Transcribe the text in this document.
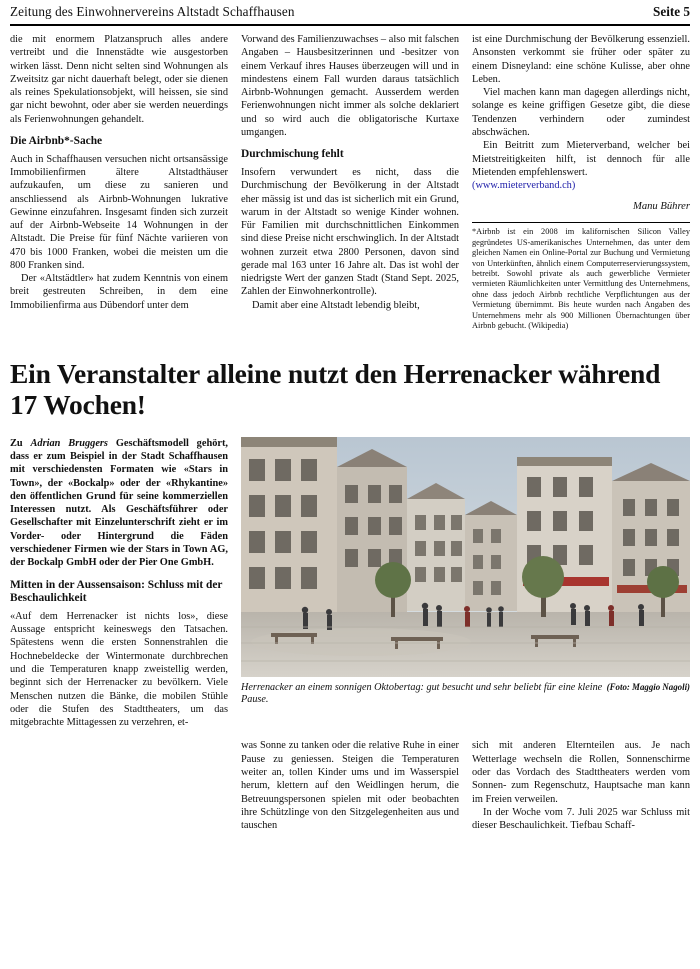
Zeitung des Einwohnervereins Altstadt Schaffhausen	Seite 5

die mit enormem Platzanspruch alles andere vertreibt und die Innenstädte wie ausgestorben wirken lässt. Denn nicht selten sind Wohnungen als Zweitsitz gar nicht dauerhaft belegt, oder sie dienen als reines Spekulationsobjekt, will heissen, sie sind gar nicht bewohnt, oder aber sie werden neuerdings als Ferienwohnungen gehandelt.

Die Airbnb*-Sache

Auch in Schaffhausen versuchen nicht ortsansässige Immobilienfirmen ältere Altstadthäuser aufzukaufen, um diese zu sanieren und anschliessend als Airbnb-Wohnungen lukrative Gewinne einzufahren. Insgesamt finden sich zurzeit auf der Airbnb-Webseite 14 Wohnungen in der Altstadt. Die Preise für fünf Nächte variieren von 470 bis 1000 Franken, wobei die meisten um die 800 Franken sind.

Der «Altstädtler» hat zudem Kenntnis von einem breit gestreuten Schreiben, in dem eine Immobilienfirma aus Dübendorf unter dem

Vorwand des Familienzuwachses – also mit falschen Angaben – Hausbesitzerinnen und -besitzer von einem Verkauf ihres Hauses überzeugen will und in mindestens einem Fall wurden daraus tatsächlich Airbnb-Wohnungen gemacht. Ausserdem werden Ferienwohnungen nicht immer als solche deklariert und so wird auch die obligatorische Kurtaxe umgangen.

Durchmischung fehlt

Insofern verwundert es nicht, dass die Durchmischung der Bevölkerung in der Altstadt eher mässig ist und das ist sicherlich mit ein Grund, warum in der Altstadt so wenige Kinder wohnen. Für Familien mit durchschnittlichen Einkommen sind diese Preise nicht erschwinglich. In der Altstadt wohnen zurzeit etwa 2800 Personen, davon sind gerade mal 163 unter 16 Jahre alt. Das ist wohl der niedrigste Wert der ganzen Stadt (Stand Sept. 2025, Zahlen der Einwohnerkontrolle).

Damit aber eine Altstadt lebendig bleibt,

ist eine Durchmischung der Bevölkerung essenziell. Ansonsten verkommt sie früher oder später zu einem Disneyland: eine schöne Kulisse, aber ohne Leben.

Viel machen kann man dagegen allerdings nicht, solange es keine griffigen Gesetze gibt, die diese Tendenzen verhindern oder zumindest abschwächen.

Ein Beitritt zum Mieterverband, welcher bei Mietstreitigkeiten hilft, ist dennoch für alle Mietenden empfehlenswert.

(www.mieterverband.ch)

Manu Bührer

*Airbnb ist ein 2008 im kalifornischen Silicon Valley gegründetes US-amerikanisches Unternehmen, das unter dem gleichen Namen ein Online-Portal zur Buchung und Vermietung von Unterkünften, ähnlich einem Computerreservierungssystem, betreibt. Sowohl private als auch gewerbliche Vermieter vermieten Räumlichkeiten unter Vermittlung des Unternehmens, ohne dass jedoch Airbnb rechtliche Verpflichtungen aus der Vermietung übernimmt. Bis heute wurden nach Angaben des Unternehmens mehr als 900 Millionen Übernachtungen über Airbnb gebucht. (Wikipedia)

Ein Veranstalter alleine nutzt den Herrenacker während 17 Wochen!

Zu Adrian Bruggers Geschäftsmodell gehört, dass er zum Beispiel in der Stadt Schaffhausen mit verschiedensten Formaten wie «Stars in Town», der «Bockalp» oder der «Rhykantine» den öffentlichen Grund für seine kommerziellen Interessen nutzt. Als Geschäftsführer oder Gesellschafter mit Einzelunterschrift zieht er im Vorder- oder Hintergrund die Fäden verschiedener Firmen wie der Stars in Town AG, der Bockalp GmbH oder der Pier One GmbH.

Mitten in der Aussensaison: Schluss mit der Beschaulichkeit

«Auf dem Herrenacker ist nichts los», diese Aussage entspricht keineswegs den Tatsachen. Spätestens wenn die ersten Sonnenstrahlen die Hochnebeldecke der Wintermonate durchbrechen und die Temperaturen knapp zweistellig werden, beginnt sich der Herrenacker zu bevölkern. Viele Menschen nutzen die Bänke, die mobilen Stühle oder die Stufen des Stadttheaters, um das mitgebrachte Mittagessen zu verzehren, et-

(Foto: Maggio Nagoli)
Herrenacker an einem sonnigen Oktobertag: gut besucht und sehr beliebt für eine kleine Pause.

was Sonne zu tanken oder die relative Ruhe in einer Pause zu geniessen. Steigen die Temperaturen weiter an, tollen Kinder ums und im Wasserspiel herum, klettern auf den Weidlingen herum, die Betreuungspersonen spielen mit oder beobachten ihre Schützlinge von den Sitzgelegenheiten aus und tauschen

sich mit anderen Elternteilen aus. Je nach Wetterlage wechseln die Rollen, Sonnenschirme oder das Vordach des Stadttheaters werden vom Sonnen- zum Regenschutz, Hauptsache man kann im Freien verweilen.

In der Woche vom 7. Juli 2025 war Schluss mit dieser Beschaulichkeit. Tiefbau Schaff-
